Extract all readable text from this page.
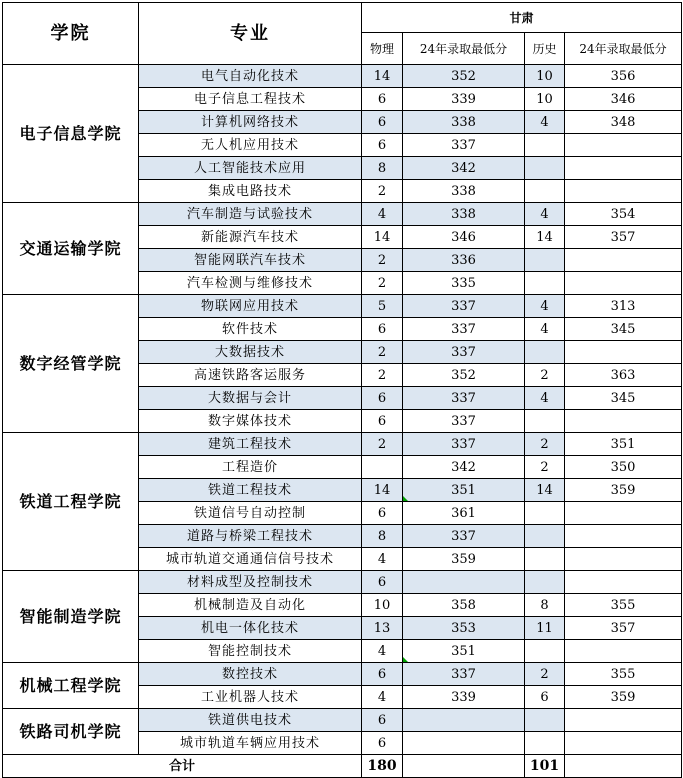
学院	专业	甘肃			
		物理	24年录取最低分	历史	24年录取最低分
电子信息学院	电气自动化技术	14	352	10	356
	电子信息工程技术	6	339	10	346
	计算机网络技术	6	338	4	348
	无人机应用技术	6	337		
	人工智能技术应用	8	342		
	集成电路技术	2	338		
交通运输学院	汽车制造与试验技术	4	338	4	354
	新能源汽车技术	14	346	14	357
	智能网联汽车技术	2	336		
	汽车检测与维修技术	2	335		
数字经管学院	物联网应用技术	5	337	4	313
	软件技术	6	337	4	345
	大数据技术	2	337		
	高速铁路客运服务	2	352	2	363
	大数据与会计	6	337	4	345
	数字媒体技术	6	337		
铁道工程学院	建筑工程技术	2	337	2	351
	工程造价		342	2	350
	铁道工程技术	14	351	14	359
	铁道信号自动控制	6	361		
	道路与桥梁工程技术	8	337		
	城市轨道交通通信信号技术	4	359		
智能制造学院	材料成型及控制技术	6			
	机械制造及自动化	10	358	8	355
	机电一体化技术	13	353	11	357
	智能控制技术	4	351		
机械工程学院	数控技术	6	337	2	355
	工业机器人技术	4	339	6	359
铁路司机学院	铁道供电技术	6			
	城市轨道车辆应用技术	6			
合计		180		101	
